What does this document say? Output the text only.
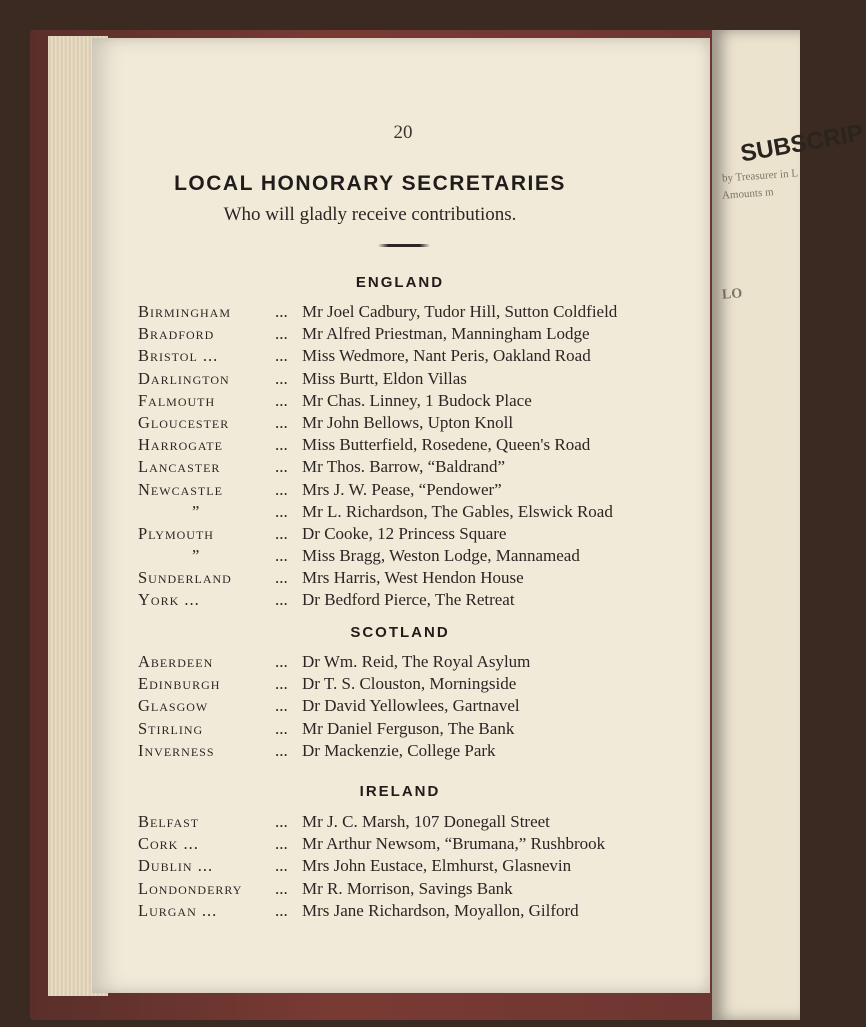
SUBSCRIP
by Treasurer in L
Amounts m
LO
20
LOCAL HONORARY SECRETARIES
Who will gladly receive contributions.
ENGLAND
Birmingham	... Mr Joel Cadbury, Tudor Hill, Sutton Coldfield
Bradford	... Mr Alfred Priestman, Manningham Lodge
Bristol ...	... Miss Wedmore, Nant Peris, Oakland Road
Darlington	... Miss Burtt, Eldon Villas
Falmouth	... Mr Chas. Linney, 1 Budock Place
Gloucester	... Mr John Bellows, Upton Knoll
Harrogate	... Miss Butterfield, Rosedene, Queen's Road
Lancaster	... Mr Thos. Barrow, “Baldrand”
Newcastle	... Mrs J. W. Pease, “Pendower”
”	... Mr L. Richardson, The Gables, Elswick Road
Plymouth	... Dr Cooke, 12 Princess Square
”	... Miss Bragg, Weston Lodge, Mannamead
Sunderland	... Mrs Harris, West Hendon House
York ...	... Dr Bedford Pierce, The Retreat
SCOTLAND
Aberdeen	... Dr Wm. Reid, The Royal Asylum
Edinburgh	... Dr T. S. Clouston, Morningside
Glasgow	... Dr David Yellowlees, Gartnavel
Stirling	... Mr Daniel Ferguson, The Bank
Inverness	... Dr Mackenzie, College Park
IRELAND
Belfast	... Mr J. C. Marsh, 107 Donegall Street
Cork ...	... Mr Arthur Newsom, “Brumana,” Rushbrook
Dublin ...	... Mrs John Eustace, Elmhurst, Glasnevin
Londonderry	... Mr R. Morrison, Savings Bank
Lurgan ...	... Mrs Jane Richardson, Moyallon, Gilford
